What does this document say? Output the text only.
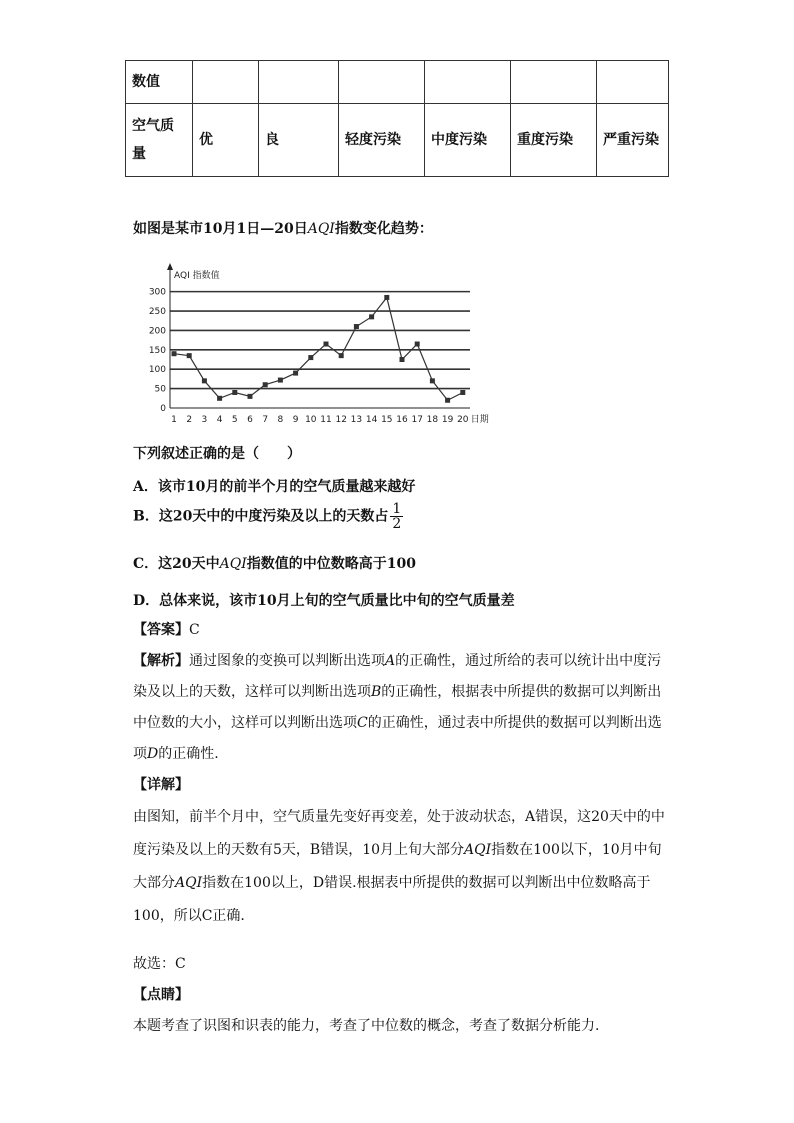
数值						
空气质量	优	良	轻度污染	中度污染	重度污染	严重污染
如图是某市10月1日—20日AQI指数变化趋势：
AQI 指数值
日期
0
50
100
150
200
250
300
1 2 3 4 5 6 7 8 9 10 11 12 13 14 15 16 17 18 19 20
下列叙述正确的是（　　）
A．该市10月的前半个月的空气质量越来越好
B．这20天中的中度污染及以上的天数占 $\frac{1}{2}$
C．这20天中AQI指数值的中位数略高于100
D．总体来说，该市10月上旬的空气质量比中旬的空气质量差
【答案】C
【解析】通过图象的变换可以判断出选项A的正确性，通过所给的表可以统计出中度污染及以上的天数，这样可以判断出选项B的正确性，根据表中所提供的数据可以判断出中位数的大小，这样可以判断出选项C的正确性，通过表中所提供的数据可以判断出选项D的正确性.
【详解】
由图知，前半个月中，空气质量先变好再变差，处于波动状态，A错误，这20天中的中度污染及以上的天数有5天，B错误，10月上旬大部分AQI指数在100以下，10月中旬大部分AQI指数在100以上，D错误.根据表中所提供的数据可以判断出中位数略高于100，所以C正确.
故选：C
【点睛】
本题考查了识图和识表的能力，考查了中位数的概念，考查了数据分析能力.
